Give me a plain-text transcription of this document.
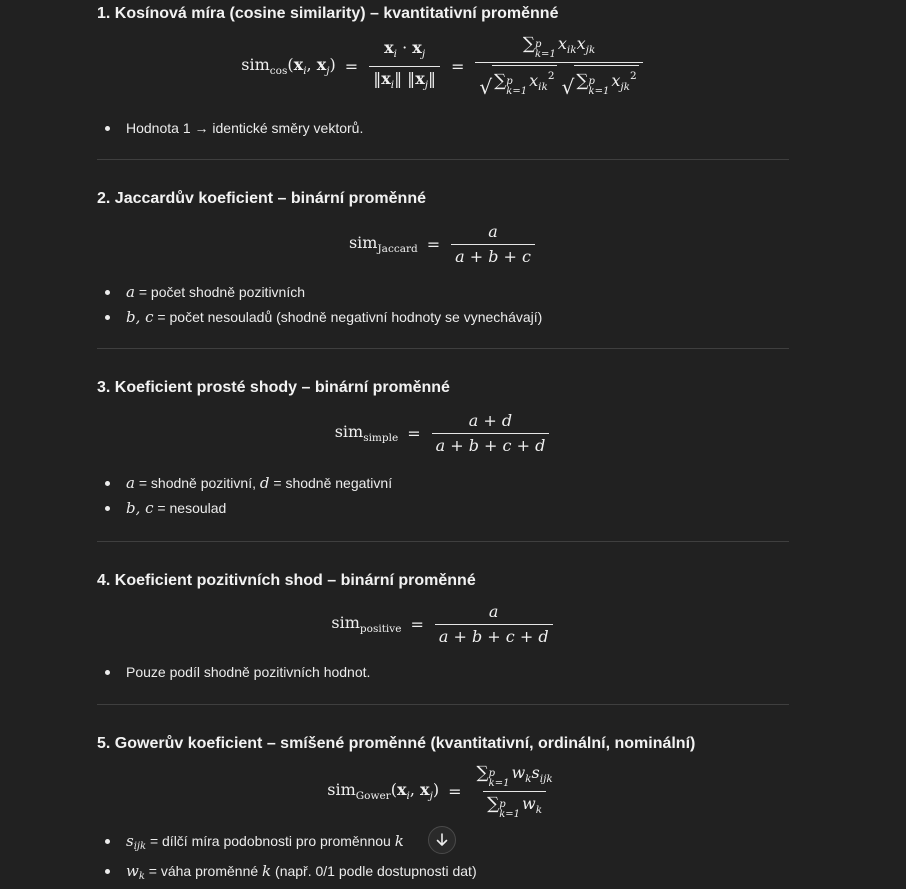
1. Kosínová míra (cosine similarity) – kvantitativní proměnné
$sim_{cos}(x_i$, $x_j) = \frac{x_i \cdot x_j}{‖x_i‖ ‖x_j‖}$ = ∑ p
k=1
$x_{ik}x_{jk}$
√ ∑ p
k=1
$x_{ik}^2$
√ ∑ p
k=1
$x_{jk}^2$
Hodnota 1 → identické směry vektorů.
2. Jaccardův koeficient – binární proměnné
$sim_{Jaccard} = \frac{a}{a + b + c}$
a = počet shodně pozitivních
b, c = počet nesouladů (shodně negativní hodnoty se vynechávají)
3. Koeficient prosté shody – binární proměnné
$sim_{simple} = \frac{a + d}{a + b + c + d}$
a = shodně pozitivní, d = shodně negativní
b, c = nesoulad
4. Koeficient pozitivních shod – binární proměnné
$sim_{positive} = \frac{a}{a + b + c + d}$
Pouze podíl shodně pozitivních hodnot.
5. Gowerův koeficient – smíšené proměnné (kvantitativní, ordinální, nominální)
$sim_{Gower}(x_i$, $x_j$) = ∑ p
k=1
$w_ks_{ijk}$
∑ p
k=1
$w_k$
$s_{ijk}$ = dílčí míra podobnosti pro proměnnou k
$w_k$ = váha proměnné k (např. 0/1 podle dostupnosti dat)
